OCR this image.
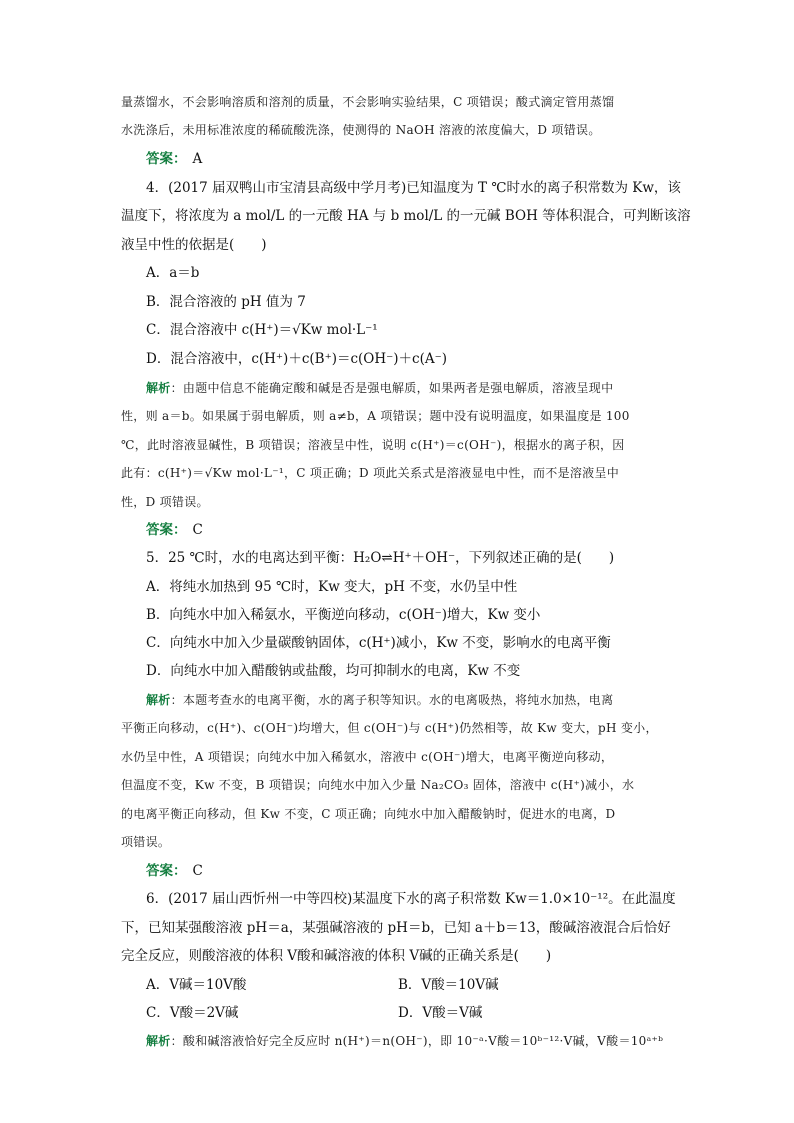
量蒸馏水，不会影响溶质和溶剂的质量，不会影响实验结果，C 项错误；酸式滴定管用蒸馏
水洗涤后，未用标准浓度的稀硫酸洗涤，使测得的 NaOH 溶液的浓度偏大，D 项错误。
答案： A
4．(2017 届双鸭山市宝清县高级中学月考)已知温度为 T ℃时水的离子积常数为 Kw，该
温度下，将浓度为 a mol/L 的一元酸 HA 与 b mol/L 的一元碱 BOH 等体积混合，可判断该溶
液呈中性的依据是(　　)
A．a＝b
B．混合溶液的 pH 值为 7
C．混合溶液中 c(H⁺)＝√Kw mol·L⁻¹
D．混合溶液中，c(H⁺)＋c(B⁺)＝c(OH⁻)＋c(A⁻)
解析：由题中信息不能确定酸和碱是否是强电解质，如果两者是强电解质，溶液呈现中
性，则 a＝b。如果属于弱电解质，则 a≠b，A 项错误；题中没有说明温度，如果温度是 100
℃，此时溶液显碱性，B 项错误；溶液呈中性，说明 c(H⁺)＝c(OH⁻)，根据水的离子积，因
此有：c(H⁺)＝√Kw mol·L⁻¹，C 项正确；D 项此关系式是溶液显电中性，而不是溶液呈中
性，D 项错误。
答案： C
5．25 ℃时，水的电离达到平衡：H₂O⇌H⁺＋OH⁻，下列叙述正确的是(　　)
A．将纯水加热到 95 ℃时，Kw 变大，pH 不变，水仍呈中性
B．向纯水中加入稀氨水，平衡逆向移动，c(OH⁻)增大，Kw 变小
C．向纯水中加入少量碳酸钠固体，c(H⁺)减小，Kw 不变，影响水的电离平衡
D．向纯水中加入醋酸钠或盐酸，均可抑制水的电离，Kw 不变
解析：本题考查水的电离平衡，水的离子积等知识。水的电离吸热，将纯水加热，电离
平衡正向移动，c(H⁺)、c(OH⁻)均增大，但 c(OH⁻)与 c(H⁺)仍然相等，故 Kw 变大，pH 变小，
水仍呈中性，A 项错误；向纯水中加入稀氨水，溶液中 c(OH⁻)增大，电离平衡逆向移动，
但温度不变，Kw 不变，B 项错误；向纯水中加入少量 Na₂CO₃ 固体，溶液中 c(H⁺)减小，水
的电离平衡正向移动，但 Kw 不变，C 项正确；向纯水中加入醋酸钠时，促进水的电离，D
项错误。
答案： C
6．(2017 届山西忻州一中等四校)某温度下水的离子积常数 Kw＝1.0×10⁻¹²。在此温度
下，已知某强酸溶液 pH＝a，某强碱溶液的 pH＝b，已知 a＋b＝13，酸碱溶液混合后恰好
完全反应，则酸溶液的体积 V酸和碱溶液的体积 V碱的正确关系是(　　)
A．V碱＝10V酸	B．V酸＝10V碱
C．V酸＝2V碱	D．V酸＝V碱
解析：酸和碱溶液恰好完全反应时 n(H⁺)＝n(OH⁻)，即 10⁻ᵃ·V酸＝10ᵇ⁻¹²·V碱，V酸＝10ᵃ⁺ᵇ
